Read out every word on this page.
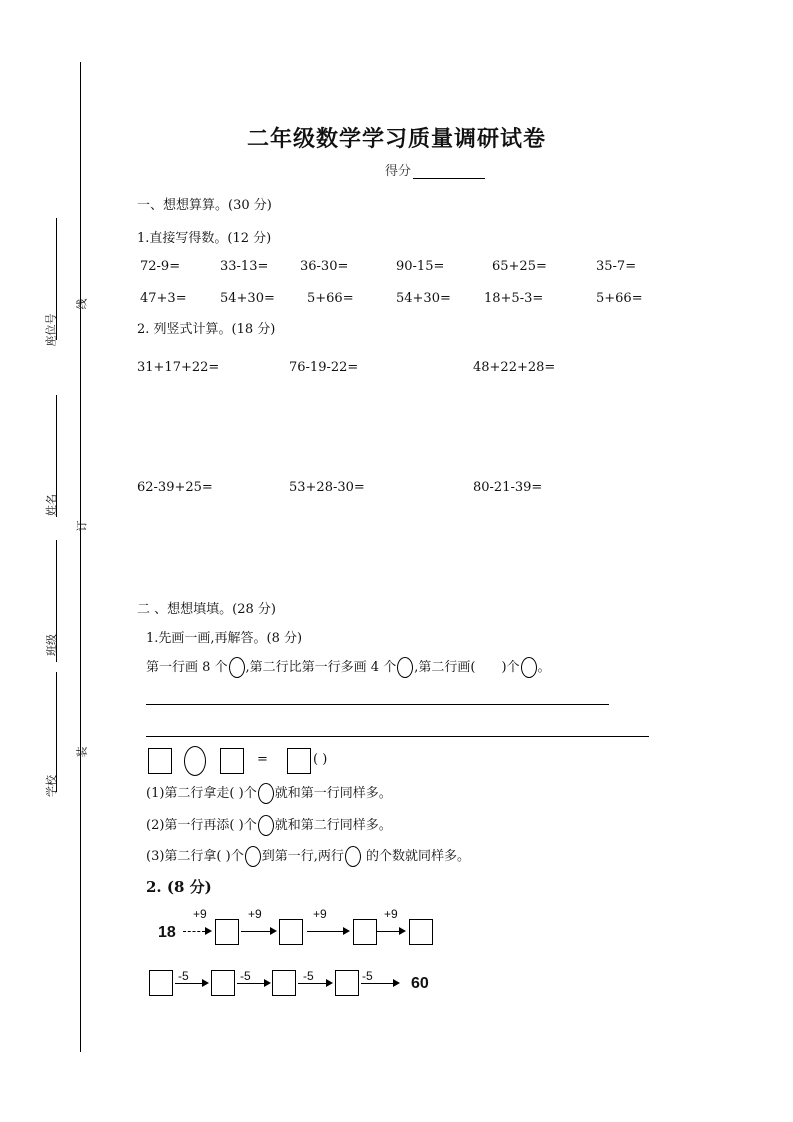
线
订
装
座位号
姓名
班级
学校
二年级数学学习质量调研试卷
得分
一、想想算算。(30 分)
1.直接写得数。(12 分)
72-9=	33-13= 36-30=	90-15=	65+25=	35-7=
47+3=	54+30= 5+66=	54+30=	18+5-3=	5+66=
2. 列竖式计算。(18 分)
31+17+22=	76-19-22=	48+22+28=
62-39+25=	53+28-30=	80-21-39=
二 、想想填填。(28 分)
1.先画一画,再解答。(8 分)
第一行画 8 个 ,第二行比第一行多画 4 个 ,第二行画( )个 。
=	( )
(1)第二行拿走( )个 就和第一行同样多。
(2)第一行再添( )个 就和第二行同样多。
(3)第二行拿( )个 到第一行,两行 的个数就同样多。
2. (8 分)
18
+9	+9	+9	+9
-5	-5	-5	-5 60
